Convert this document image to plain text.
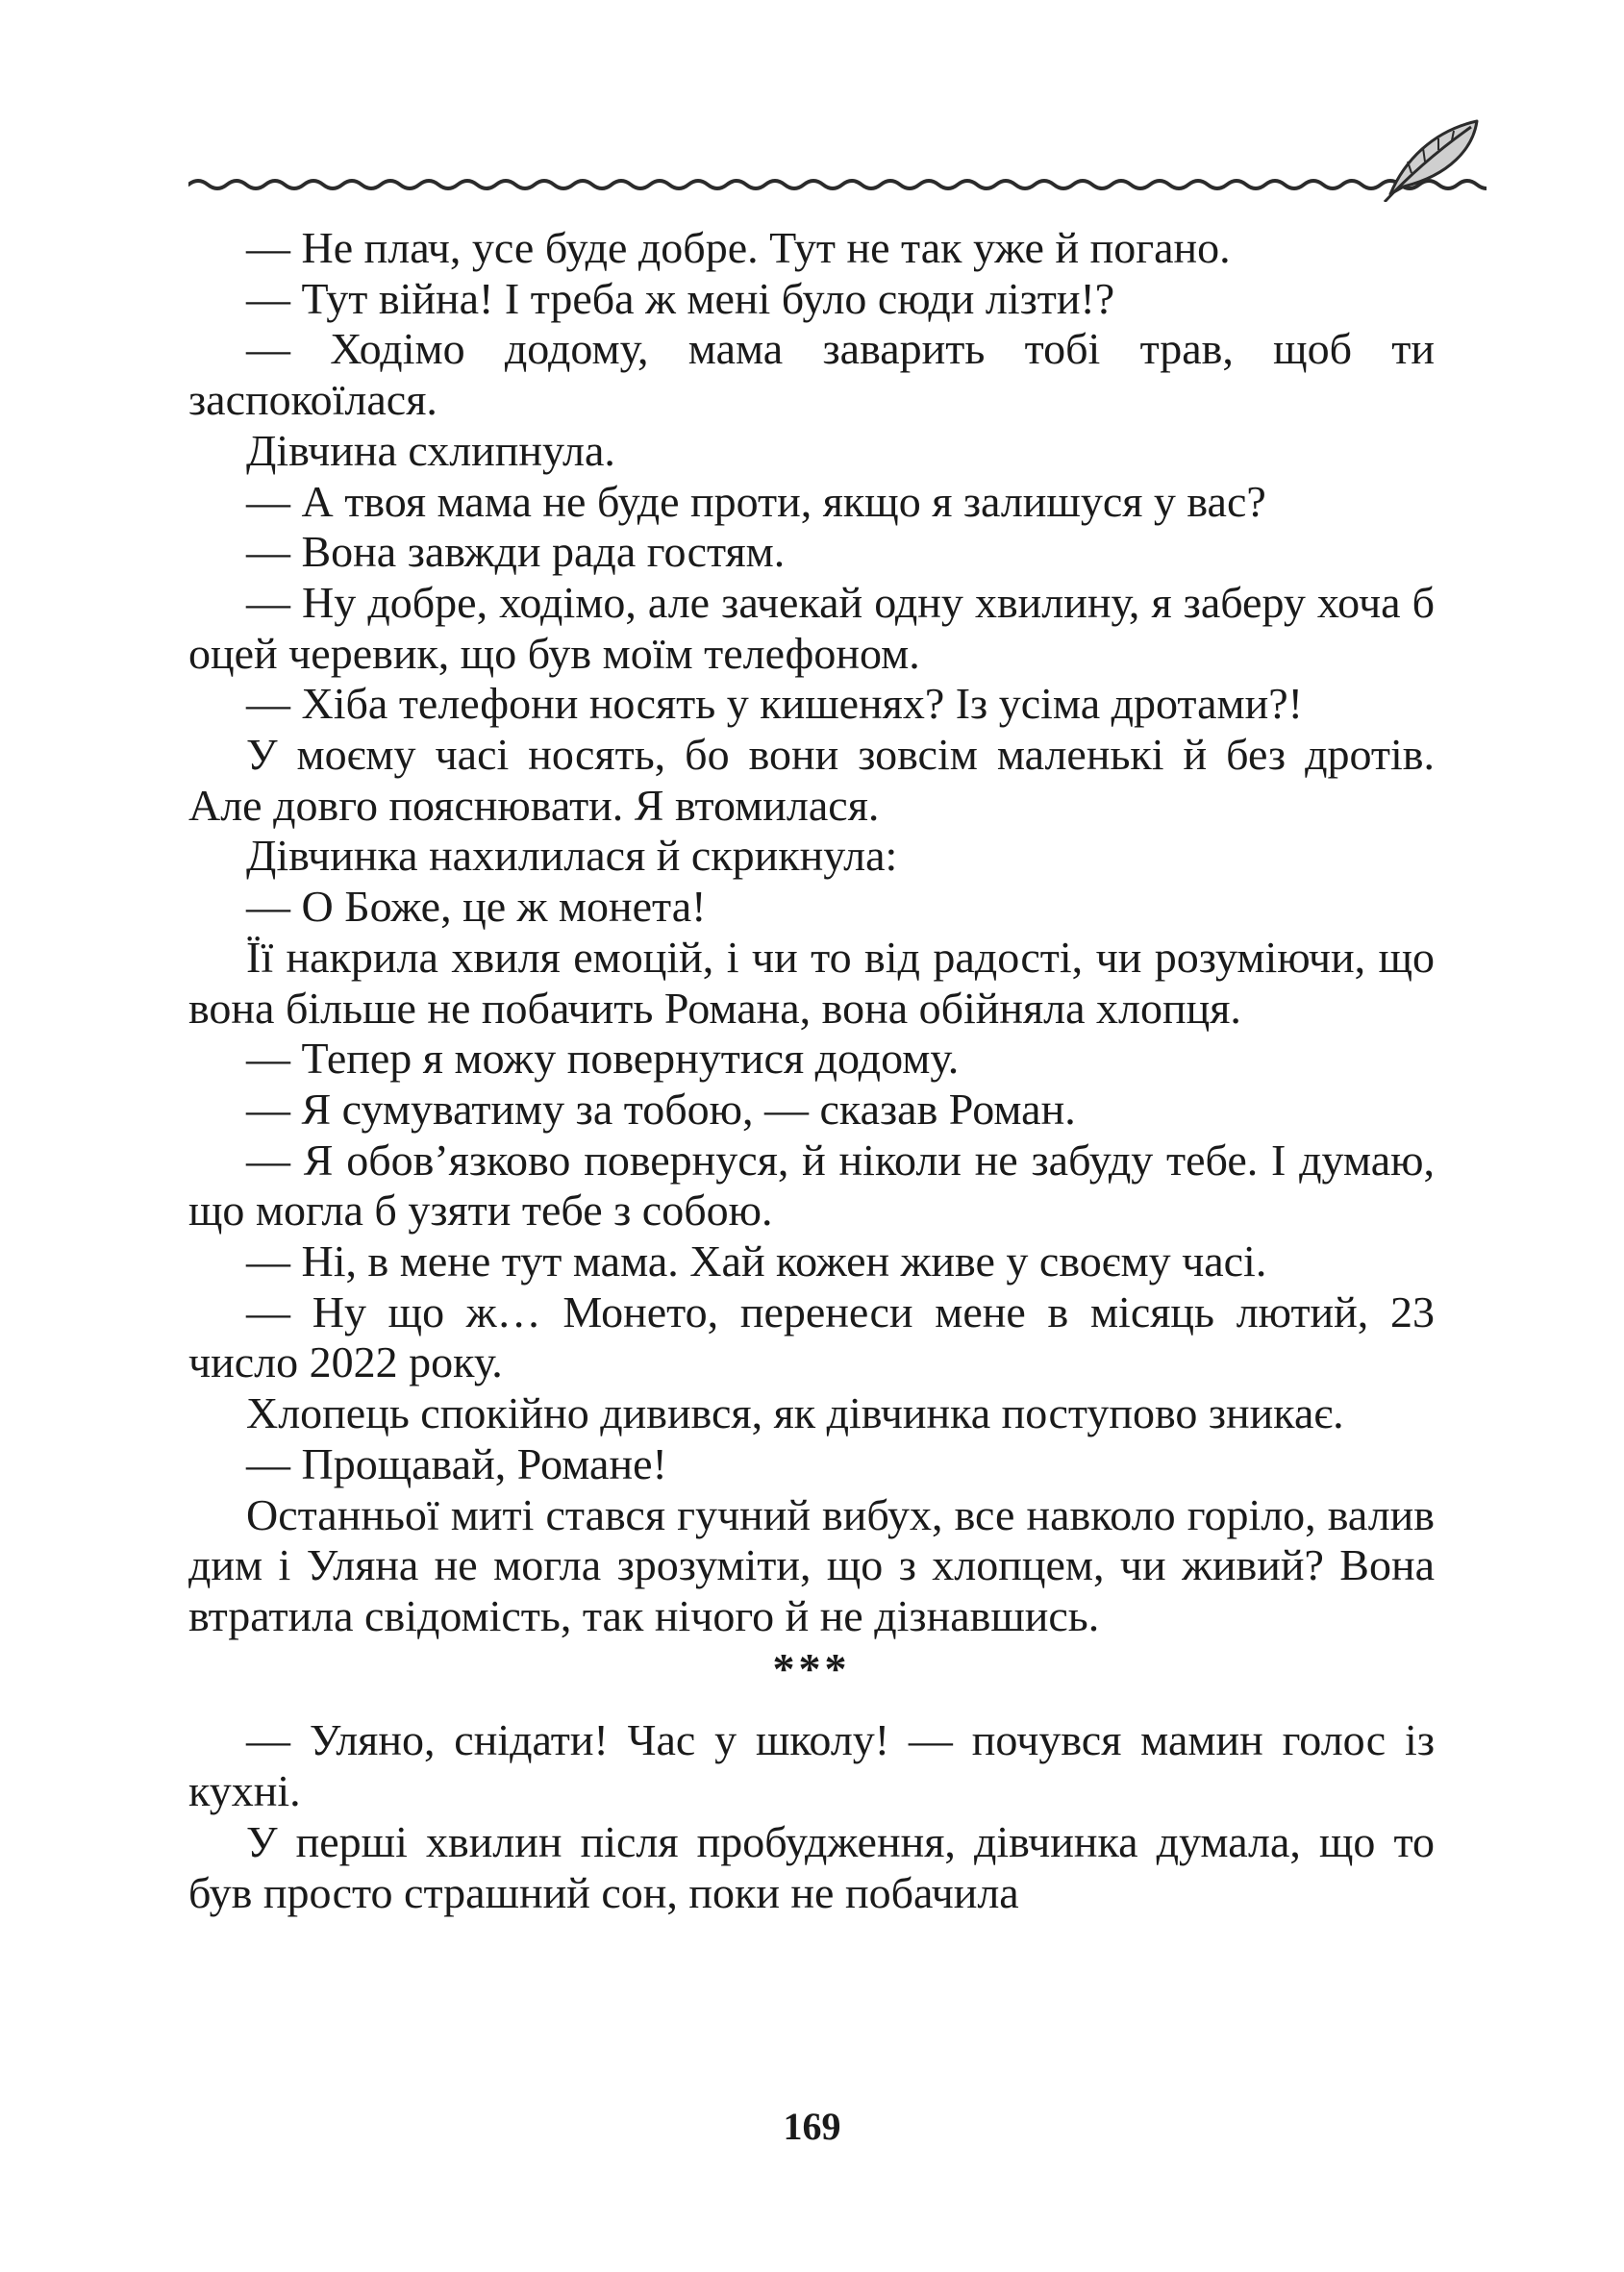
— Не плач, усе буде добре. Тут не так уже й погано.

— Тут війна! І треба ж мені було сюди лізти!?

— Ходімо додому, мама заварить тобі трав, щоб ти заспокоїлася.

Дівчина схлипнула.

— А твоя мама не буде проти, якщо я залишуся у вас?

— Вона завжди рада гостям.

— Ну добре, ходімо, але зачекай одну хвилину, я заберу хоча б оцей черевик, що був моїм телефоном.

— Хіба телефони носять у кишенях? Із усіма дротами?!

У моєму часі носять, бо вони зовсім маленькі й без дротів. Але довго пояснювати. Я втомилася.

Дівчинка нахилилася й скрикнула:

— О Боже, це ж монета!

Її накрила хвиля емоцій, і чи то від радості, чи розуміючи, що вона більше не побачить Романа, вона обійняла хлопця.

— Тепер я можу повернутися додому.

— Я сумуватиму за тобою, — сказав Роман.

— Я обов’язково повернуся, й ніколи не забуду тебе. І думаю, що могла б узяти тебе з собою.

— Ні, в мене тут мама. Хай кожен живе у своєму часі.

— Ну що ж… Монето, перенеси мене в місяць лютий, 23 число 2022 року.

Хлопець спокійно дивився, як дівчинка поступово зникає.

— Прощавай, Романе!

Останньої миті стався гучний вибух, все навколо горіло, валив дим і Уляна не могла зрозуміти, що з хлопцем, чи живий? Вона втратила свідомість, так нічого й не дізнавшись.

***

— Уляно, снідати! Час у школу! — почувся мамин голос із кухні.

У перші хвилин після пробудження, дівчинка думала, що то був просто страшний сон, поки не побачила

169
